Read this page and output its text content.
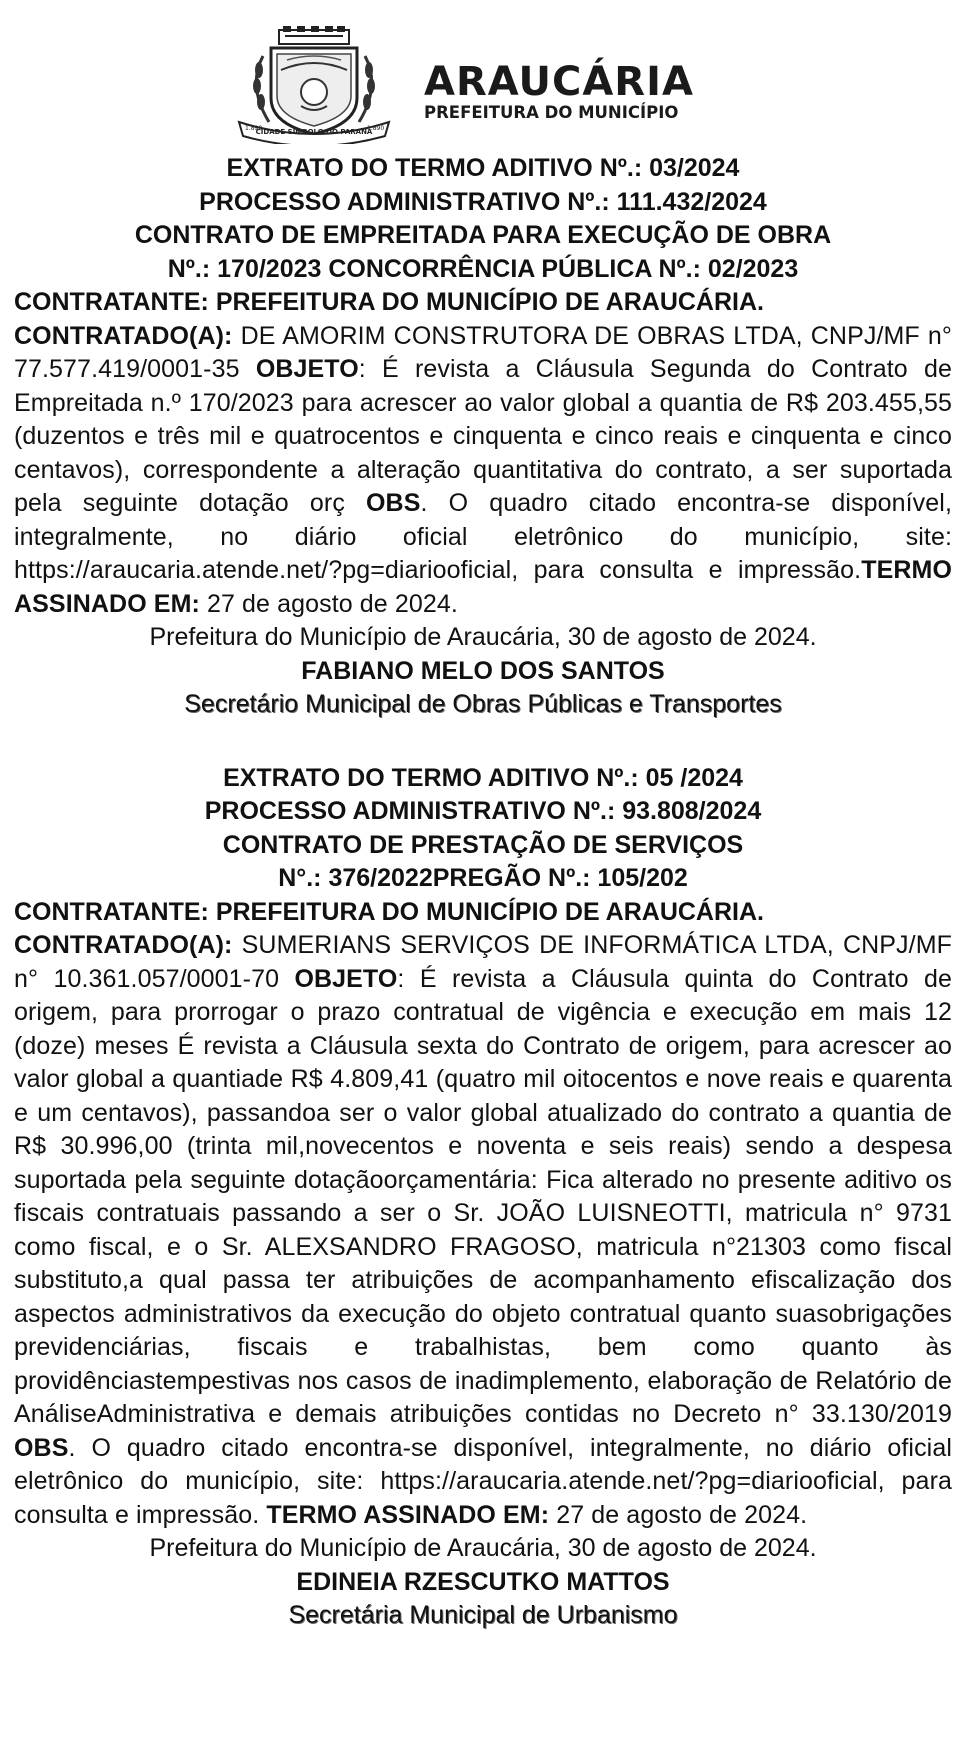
CIDADE SÍMBOLO DO PARANÁ
1.890	1.890
ARAUCÁRIA
PREFEITURA DO MUNICÍPIO

EXTRATO DO TERMO ADITIVO Nº.: 03/2024

PROCESSO ADMINISTRATIVO Nº.: 111.432/2024

CONTRATO DE EMPREITADA PARA EXECUÇÃO DE OBRA

Nº.: 170/2023 CONCORRÊNCIA PÚBLICA Nº.: 02/2023

CONTRATANTE: PREFEITURA DO MUNICÍPIO DE ARAUCÁRIA.

CONTRATADO(A): DE AMORIM CONSTRUTORA DE OBRAS LTDA, CNPJ/MF n° 77.577.419/0001-35 OBJETO: É revista a Cláusula Segunda do Contrato de Empreitada n.º 170/2023 para acrescer ao valor global a quantia de R$ 203.455,55 (duzentos e três mil e quatrocentos e cinquenta e cinco reais e cinquenta e cinco centavos), correspondente a alteração quantitativa do contrato, a ser suportada pela seguinte dotação orç OBS. O quadro citado encontra-se disponível, integralmente, no diário oficial eletrônico do município, site: https://araucaria.atende.net/?pg=diariooficial, para consulta e impressão.TERMO ASSINADO EM: 27 de agosto de 2024.

Prefeitura do Município de Araucária, 30 de agosto de 2024.

FABIANO MELO DOS SANTOS

Secretário Municipal de Obras Públicas e Transportes

EXTRATO DO TERMO ADITIVO Nº.: 05 /2024

PROCESSO ADMINISTRATIVO Nº.: 93.808/2024

CONTRATO DE PRESTAÇÃO DE SERVIÇOS

N°.: 376/2022PREGÃO Nº.: 105/202

CONTRATANTE: PREFEITURA DO MUNICÍPIO DE ARAUCÁRIA.

CONTRATADO(A): SUMERIANS SERVIÇOS DE INFORMÁTICA LTDA, CNPJ/MF n° 10.361.057/0001-70 OBJETO: É revista a Cláusula quinta do Contrato de origem, para prorrogar o prazo contratual de vigência e execução em mais 12 (doze) meses É revista a Cláusula sexta do Contrato de origem, para acrescer ao valor global a quantiade R$ 4.809,41 (quatro mil oitocentos e nove reais e quarenta e um centavos), passandoa ser o valor global atualizado do contrato a quantia de R$ 30.996,00 (trinta mil,novecentos e noventa e seis reais) sendo a despesa suportada pela seguinte dotaçãoorçamentária: Fica alterado no presente aditivo os fiscais contratuais passando a ser o Sr. JOÃO LUISNEOTTI, matricula n° 9731 como fiscal, e o Sr. ALEXSANDRO FRAGOSO, matricula n°21303 como fiscal substituto,a qual passa ter atribuições de acompanhamento efiscalização dos aspectos administrativos da execução do objeto contratual quanto suasobrigações previdenciárias, fiscais e trabalhistas, bem como quanto às providênciastempestivas nos casos de inadimplemento, elaboração de Relatório de AnáliseAdministrativa e demais atribuições contidas no Decreto n° 33.130/2019 OBS. O quadro citado encontra-se disponível, integralmente, no diário oficial eletrônico do município, site: https://araucaria.atende.net/?pg=diariooficial, para consulta e impressão. TERMO ASSINADO EM: 27 de agosto de 2024.

Prefeitura do Município de Araucária, 30 de agosto de 2024.

EDINEIA RZESCUTKO MATTOS

Secretária Municipal de Urbanismo
